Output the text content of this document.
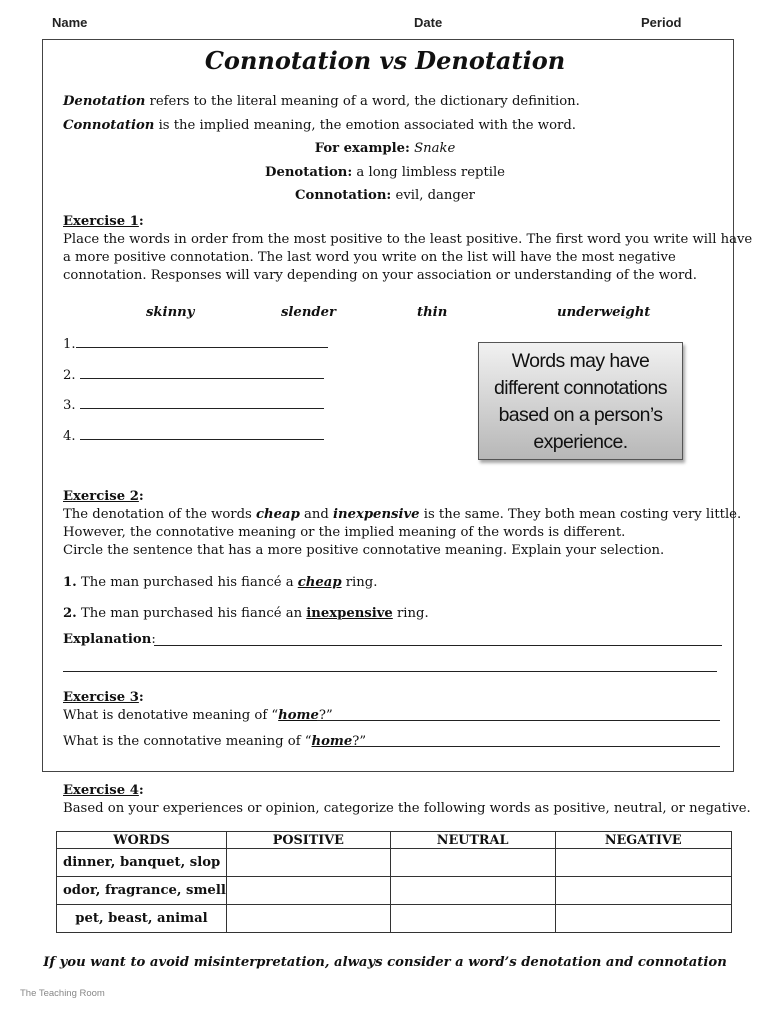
Name	Date	Period
Connotation vs Denotation
Denotation refers to the literal meaning of a word, the dictionary definition.
Connotation is the implied meaning, the emotion associated with the word.
For example: Snake
Denotation: a long limbless reptile
Connotation: evil, danger
Exercise 1:
Place the words in order from the most positive to the least positive. The first word you write will have
a more positive connotation. The last word you write on the list will have the most negative
connotation. Responses will vary depending on your association or understanding of the word.
skinny	slender	thin	underweight
1.
2.
3.
4.
Words may have
different connotations
based on a person’s
experience.
Exercise 2:
The denotation of the words cheap and inexpensive is the same. They both mean costing very little.
However, the connotative meaning or the implied meaning of the words is different.
Circle the sentence that has a more positive connotative meaning. Explain your selection.
1. The man purchased his fiancé a cheap ring.
2. The man purchased his fiancé an inexpensive ring.
Explanation:
Exercise 3:
What is denotative meaning of “home?”
What is the connotative meaning of “home?”
Exercise 4:
Based on your experiences or opinion, categorize the following words as positive, neutral, or negative.
WORDS	POSITIVE	NEUTRAL	NEGATIVE
dinner, banquet, slop			
odor, fragrance, smell			
pet, beast, animal			
If you want to avoid misinterpretation, always consider a word’s denotation and connotation
The Teaching Room
